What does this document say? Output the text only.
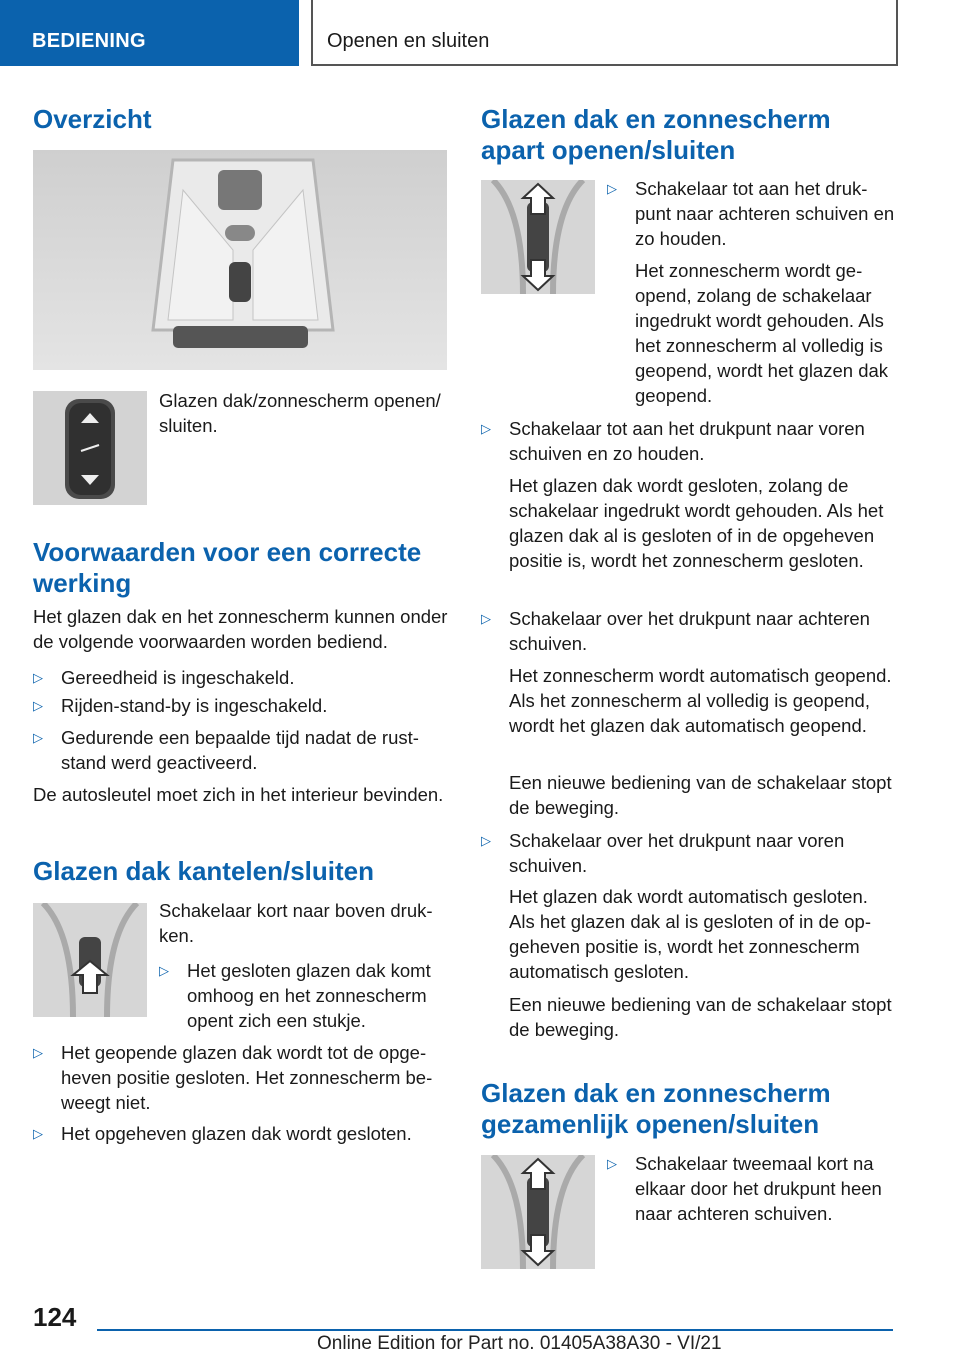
BEDIENING	Openen en sluiten
Overzicht
Glazen dak/zonnescherm openen/ sluiten.
Voorwaarden voor een correcte werking
Het glazen dak en het zonnescherm kunnen onder de volgende voorwaarden worden bediend.
▷ Gereedheid is ingeschakeld.
▷ Rijden-stand-by is ingeschakeld.
▷ Gedurende een bepaalde tijd nadat de ruststand werd geactiveerd.
De autosleutel moet zich in het interieur bevinden.
Glazen dak kantelen/sluiten
Schakelaar kort naar boven drukken.
▷ Het gesloten glazen dak komt omhoog en het zonnescherm opent zich een stukje.
▷ Het geopende glazen dak wordt tot de opgeheven positie gesloten. Het zonnescherm beweegt niet.
▷ Het opgeheven glazen dak wordt gesloten.
Glazen dak en zonnescherm apart openen/sluiten
▷ Schakelaar tot aan het drukpunt naar achteren schuiven en zo houden.
Het zonnescherm wordt geopend, zolang de schakelaar ingedrukt wordt gehouden. Als het zonnescherm al volledig is geopend, wordt het glazen dak geopend.
▷ Schakelaar tot aan het drukpunt naar voren schuiven en zo houden.
Het glazen dak wordt gesloten, zolang de schakelaar ingedrukt wordt gehouden. Als het glazen dak al is gesloten of in de opgeheven positie is, wordt het zonnescherm gesloten.
▷ Schakelaar over het drukpunt naar achteren schuiven.
Het zonnescherm wordt automatisch geopend. Als het zonnescherm al volledig is geopend, wordt het glazen dak automatisch geopend.
Een nieuwe bediening van de schakelaar stopt de beweging.
▷ Schakelaar over het drukpunt naar voren schuiven.
Het glazen dak wordt automatisch gesloten. Als het glazen dak al is gesloten of in de opgeheven positie is, wordt het zonnescherm automatisch gesloten.
Een nieuwe bediening van de schakelaar stopt de beweging.
Glazen dak en zonnescherm gezamenlijk openen/sluiten
▷ Schakelaar tweemaal kort na elkaar door het drukpunt heen naar achteren schuiven.
124
Online Edition for Part no. 01405A38A30 - VI/21
